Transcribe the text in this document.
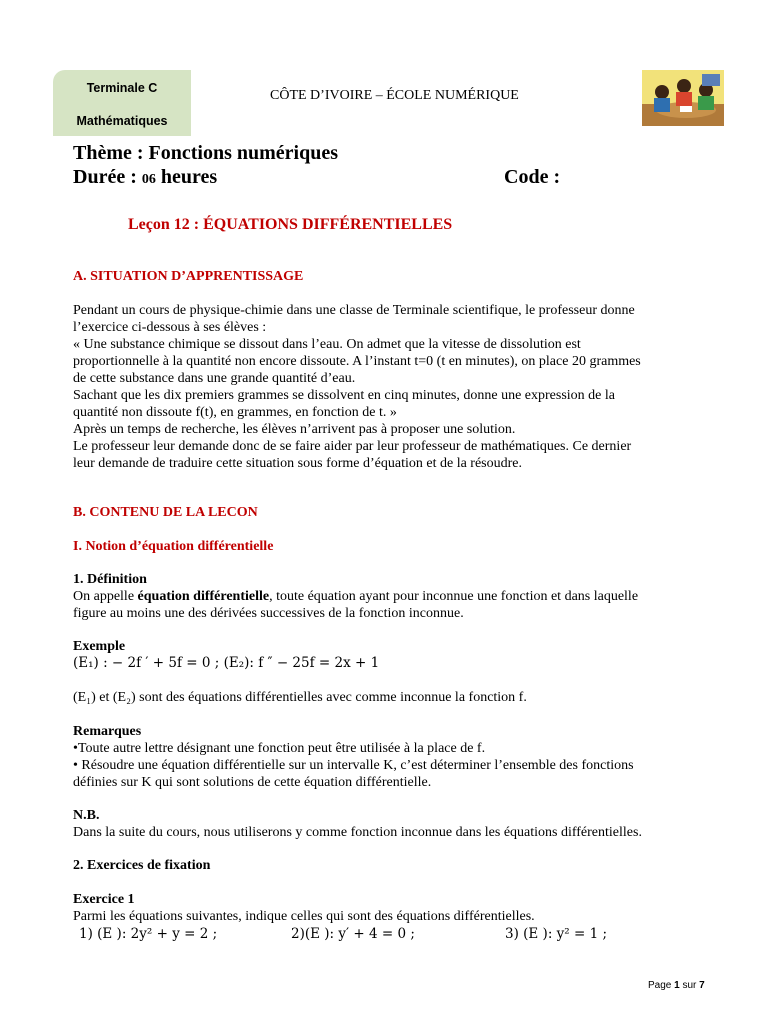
Terminale C
Mathématiques
CÔTE D’IVOIRE – ÉCOLE NUMÉRIQUE
Thème : Fonctions numériques
Durée : 06 heures	Code :
Leçon 12 : ÉQUATIONS DIFFÉRENTIELLES
A. SITUATION D’APPRENTISSAGE
Pendant un cours de physique-chimie dans une classe de Terminale scientifique, le professeur donne
l’exercice ci-dessous à ses élèves :
« Une substance chimique se dissout dans l’eau. On admet que la vitesse de dissolution est
proportionnelle à la quantité non encore dissoute. A l’instant t=0 (t en minutes), on place 20 grammes
de cette substance dans une grande quantité d’eau.
Sachant que les dix premiers grammes se dissolvent en cinq minutes, donne une expression de la
quantité non dissoute f(t), en grammes, en fonction de t. »
Après un temps de recherche, les élèves n’arrivent pas à proposer une solution.
Le professeur leur demande donc de se faire aider par leur professeur de mathématiques. Ce dernier
leur demande de traduire cette situation sous forme d’équation et de la résoudre.
B. CONTENU DE LA LECON
I. Notion d’équation différentielle
1. Définition
On appelle équation différentielle, toute équation ayant pour inconnue une fonction et dans laquelle
figure au moins une des dérivées successives de la fonction inconnue.
Exemple
(E₁) : − 2f ′ + 5f = 0 ; (E₂): f ″ − 25f = 2x + 1
(E₁) et (E₂) sont des équations différentielles avec comme inconnue la fonction f.
Remarques
•Toute autre lettre désignant une fonction peut être utilisée à la place de f.
• Résoudre une équation différentielle sur un intervalle K, c’est déterminer l’ensemble des fonctions
définies sur K qui sont solutions de cette équation différentielle.
N.B.
Dans la suite du cours, nous utiliserons y comme fonction inconnue dans les équations différentielles.
2. Exercices de fixation
Exercice 1
Parmi les équations suivantes, indique celles qui sont des équations différentielles.
1) (E ): 2y² + y = 2 ;	2)(E ): y′ + 4 = 0 ;	3) (E ): y² = 1 ;
Page 1 sur 7
